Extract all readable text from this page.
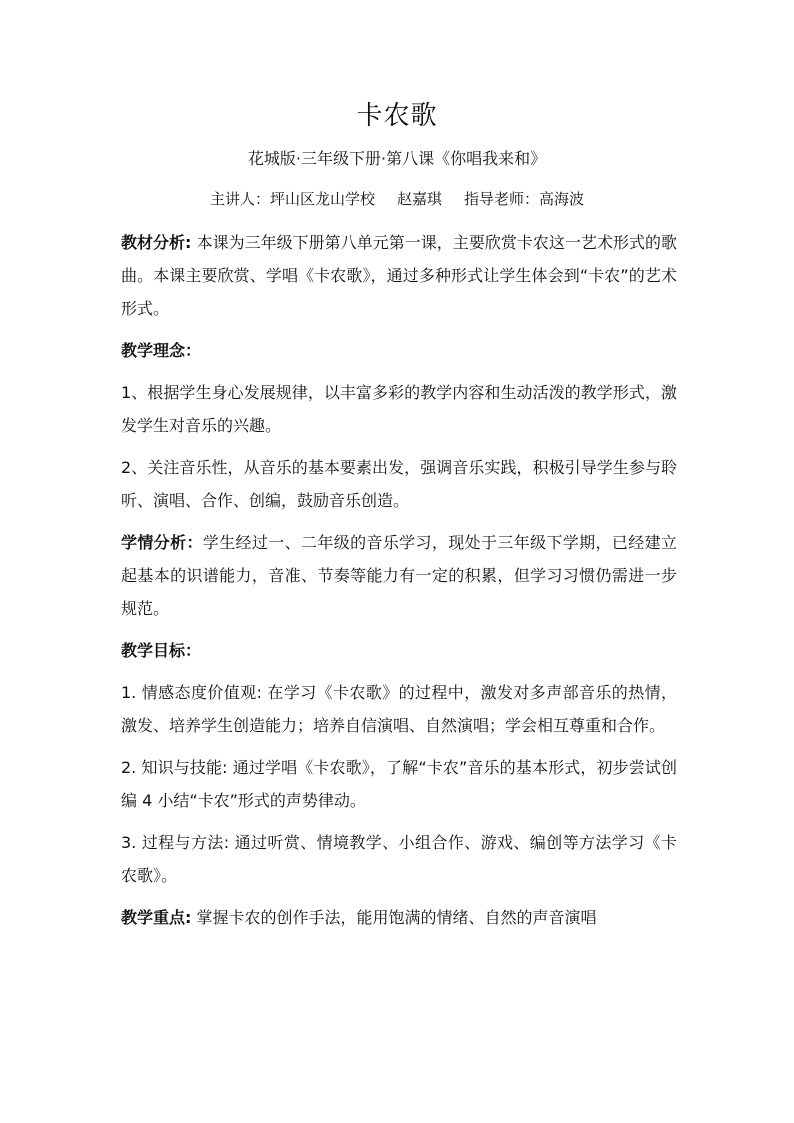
卡农歌
花城版·三年级下册·第八课《你唱我来和》
主讲人：坪山区龙山学校 赵嘉琪 指导老师：高海波

教材分析: 本课为三年级下册第八单元第一课，主要欣赏卡农这一艺术形式的歌曲。本课主要欣赏、学唱《卡农歌》，通过多种形式让学生体会到“卡农”的艺术形式。

教学理念：

1、根据学生身心发展规律，以丰富多彩的教学内容和生动活泼的教学形式，激发学生对音乐的兴趣。

2、关注音乐性，从音乐的基本要素出发，强调音乐实践，积极引导学生参与聆听、演唱、合作、创编，鼓励音乐创造。

学情分析：学生经过一、二年级的音乐学习，现处于三年级下学期，已经建立起基本的识谱能力，音准、节奏等能力有一定的积累，但学习习惯仍需进一步规范。

教学目标：

1. 情感态度价值观: 在学习《卡农歌》的过程中，激发对多声部音乐的热情，激发、培养学生创造能力；培养自信演唱、自然演唱；学会相互尊重和合作。

2. 知识与技能: 通过学唱《卡农歌》，了解“卡农”音乐的基本形式，初步尝试创编 4 小结“卡农”形式的声势律动。

3. 过程与方法: 通过听赏、情境教学、小组合作、游戏、编创等方法学习《卡农歌》。

教学重点: 掌握卡农的创作手法，能用饱满的情绪、自然的声音演唱
